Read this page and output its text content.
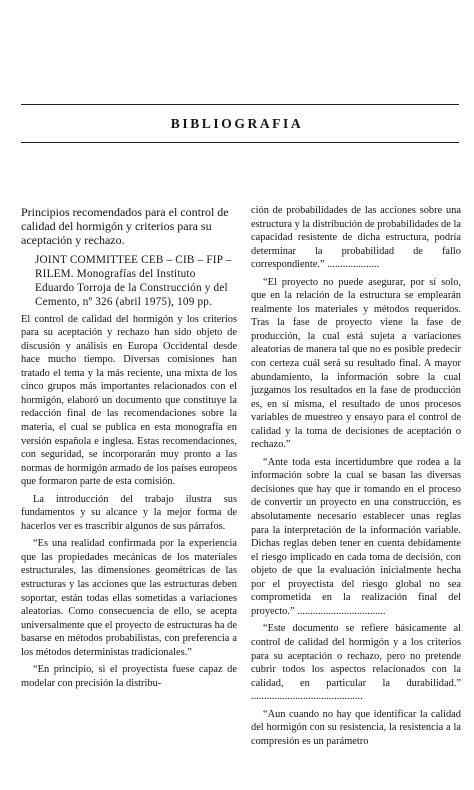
BIBLIOGRAFIA
Principios recomendados para el control de calidad del hormigón y criterios para su aceptación y rechazo.
JOINT COMMITTEE CEB – CIB – FIP – RILEM. Monografías del Instituto Eduardo Torroja de la Construcción y del Cemento, nº 326 (abril 1975), 109 pp.

El control de calidad del hormigón y los criterios para su aceptación y rechazo han sido objeto de discusión y análisis en Europa Occidental desde hace mucho tiempo. Diversas comisiones han tratado el tema y la más reciente, una mixta de los cinco grupos más importantes relacionados con el hormigón, elaboró un documento que constituye la redacción final de las recomendaciones sobre la materia, el cual se publica en esta monografía en versión española e inglesa. Estas recomendaciones, con seguridad, se incorporarán muy pronto a las normas de hormigón armado de los países europeos que formaron parte de esta comisión.

La introducción del trabajo ilustra sus fundamentos y su alcance y la mejor forma de hacerlos ver es trascribir algunos de sus párrafos.

“Es una realidad confirmada por la experiencia que las propiedades mecánicas de los materiales estructurales, las dimensiones geométricas de las estructuras y las acciones que las estructuras deben soportar, están todas ellas sometidas a variaciones aleatorias. Como consecuencia de ello, se acepta universalmente que el proyecto de estructuras ha de basarse en métodos probabilistas, con preferencia a los métodos deterministas tradicionales.”

“En principio, si el proyectista fuese capaz de modelar con precisión la distribu-

ción de probabilidades de las acciones sobre una estructura y la distribución de probabilidades de la capacidad resistente de dicha estructura, podría determinar la probabilidad de fallo correspondiente.” ....................

“El proyecto no puede asegurar, por sí solo, que en la relación de la estructura se emplearán realmente los materiales y métodos requeridos. Tras la fase de proyecto viene la fase de producción, la cual está sujeta a variaciones aleatorias de manera tal que no es posible predecir con certeza cuál será su resultado final. A mayor abundamiento, la información sobre la cual juzgamos los resultados en la fase de producción es, en sí misma, el resultado de unos procesos variables de muestreo y ensayo para el control de calidad y la toma de decisiones de aceptación o rechazo.”

“Ante toda esta incertidumbre que rodea a la información sobre la cual se basan las diversas decisiones que hay que ir tomando en el proceso de convertir un proyecto en una construcción, es absolutamente necesario establecer unas reglas para la interpretación de la información variable. Dichas reglas deben tener en cuenta debidamente el riesgo implicado en cada toma de decisión, con objeto de que la evaluación inicialmente hecha por el proyectista del riesgo global no sea comprometida en la realización final del proyecto.” ..................................

“Este documento se refiere básicamente al control de calidad del hormigón y a los criterios para su aceptación o rechazo, pero no pretende cubrir todos los aspectos relacionados con la calidad, en particular la durabilidad.” ...........................................

“Aun cuando no hay que identificar la calidad del hormigón con su resistencia, la resistencia a la compresión es un parámetro
